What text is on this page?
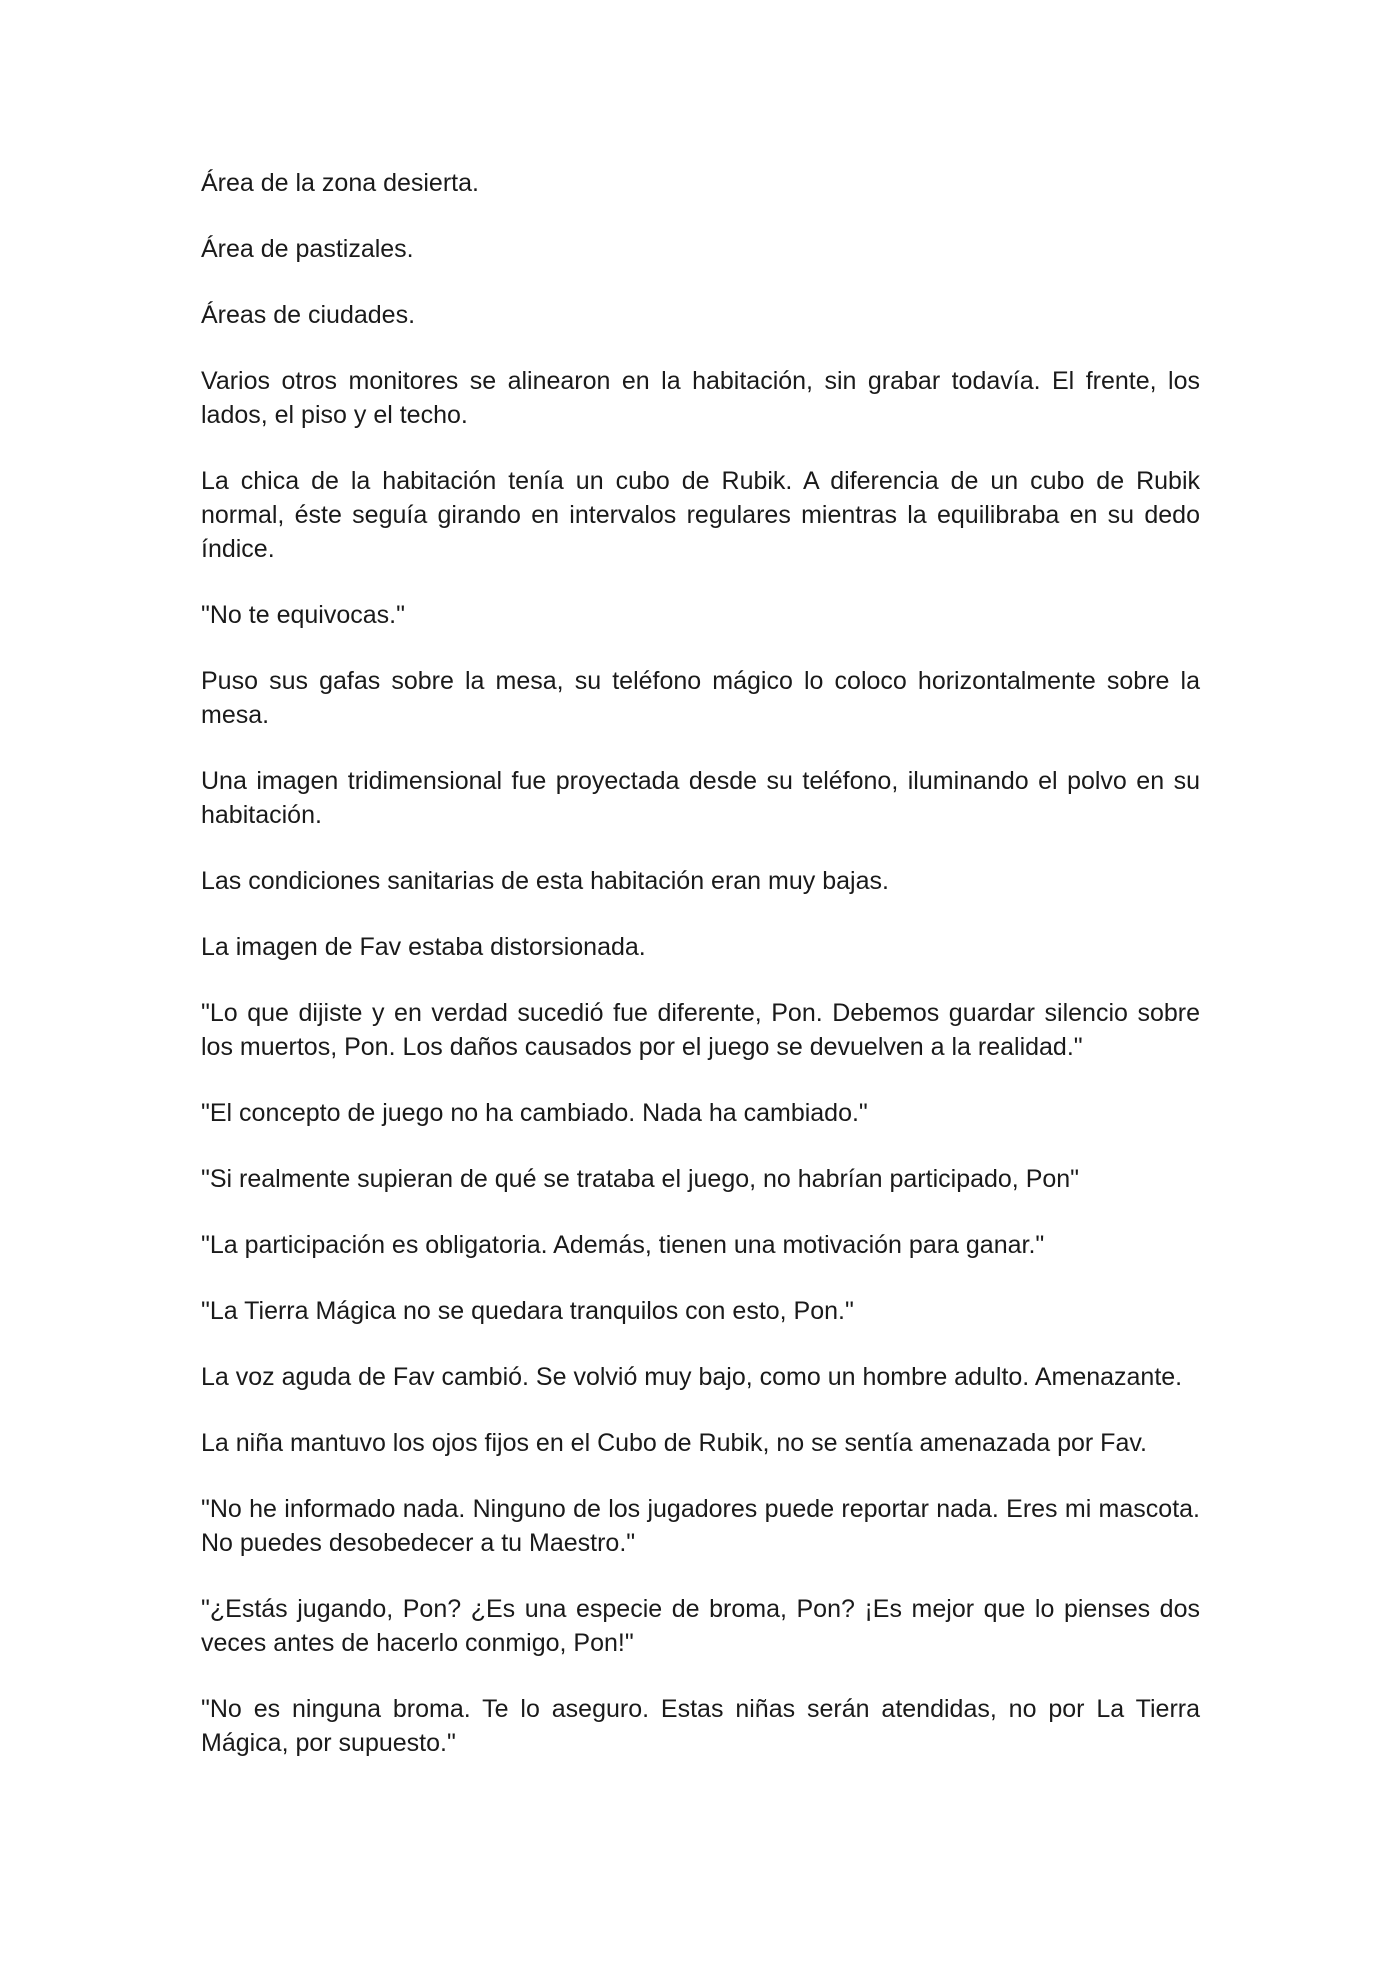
Área de la zona desierta.

Área de pastizales.

Áreas de ciudades.

Varios otros monitores se alinearon en la habitación, sin grabar todavía. El frente, los lados, el piso y el techo.

La chica de la habitación tenía un cubo de Rubik. A diferencia de un cubo de Rubik normal, éste seguía girando en intervalos regulares mientras la equilibraba en su dedo índice.

"No te equivocas."

Puso sus gafas sobre la mesa, su teléfono mágico lo coloco horizontalmente sobre la mesa.

Una imagen tridimensional fue proyectada desde su teléfono, iluminando el polvo en su habitación.

Las condiciones sanitarias de esta habitación eran muy bajas.

La imagen de Fav estaba distorsionada.

"Lo que dijiste y en verdad sucedió fue diferente, Pon. Debemos guardar silencio sobre los muertos, Pon. Los daños causados por el juego se devuelven a la realidad."

"El concepto de juego no ha cambiado. Nada ha cambiado."

"Si realmente supieran de qué se trataba el juego, no habrían participado, Pon"

"La participación es obligatoria. Además, tienen una motivación para ganar."

"La Tierra Mágica no se quedara tranquilos con esto, Pon."

La voz aguda de Fav cambió. Se volvió muy bajo, como un hombre adulto. Amenazante.

La niña mantuvo los ojos fijos en el Cubo de Rubik, no se sentía amenazada por Fav.

"No he informado nada. Ninguno de los jugadores puede reportar nada. Eres mi mascota. No puedes desobedecer a tu Maestro."

"¿Estás jugando, Pon? ¿Es una especie de broma, Pon? ¡Es mejor que lo pienses dos veces antes de hacerlo conmigo, Pon!"

"No es ninguna broma. Te lo aseguro. Estas niñas serán atendidas, no por La Tierra Mágica, por supuesto."
